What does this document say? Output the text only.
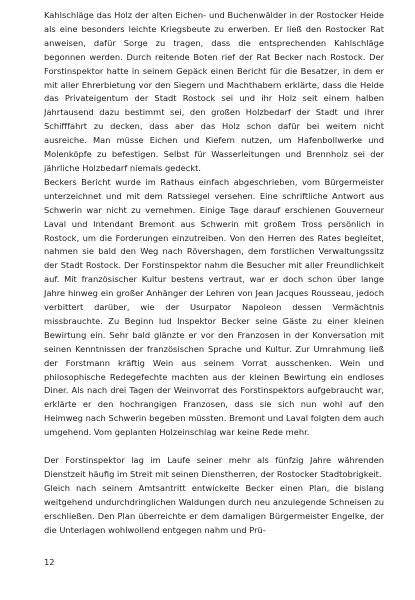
Kahlschläge das Holz der alten Eichen- und Buchenwälder in der Rostocker Heide als eine besonders leichte Kriegsbeute zu erwerben. Er ließ den Rostocker Rat anweisen, dafür Sorge zu tragen, dass die entsprechenden Kahlschläge begonnen werden. Durch reitende Boten rief der Rat Becker nach Rostock. Der Forstinspektor hatte in seinem Gepäck einen Bericht für die Besatzer, in dem er mit aller Ehrerbietung vor den Siegern und Machthabern erklärte, dass die Heide das Privateigentum der Stadt Rostock sei und ihr Holz seit einem halben Jahrtausend dazu bestimmt sei, den großen Holzbedarf der Stadt und ihrer Schifffahrt zu decken, dass aber das Holz schon dafür bei weitem nicht ausreiche. Man müsse Eichen und Kiefern nutzen, um Hafenbollwerke und Molenköpfe zu befestigen. Selbst für Wasserleitungen und Brennholz sei der jährliche Holzbedarf niemals gedeckt.

Beckers Bericht wurde im Rathaus einfach abgeschrieben, vom Bürgermeister unterzeichnet und mit dem Ratssiegel versehen. Eine schriftliche Antwort aus Schwerin war nicht zu vernehmen. Einige Tage darauf erschienen Gouverneur Laval und Intendant Bremont aus Schwerin mit großem Tross persönlich in Rostock, um die Forderungen einzutreiben. Von den Herren des Rates begleitet, nahmen sie bald den Weg nach Rövershagen, dem forstlichen Verwaltungssitz der Stadt Rostock. Der Forstinspektor nahm die Besucher mit aller Freundlichkeit auf. Mit französischer Kultur bestens vertraut, war er doch schon über lange Jahre hinweg ein großer Anhänger der Lehren von Jean Jacques Rousseau, jedoch verbittert darüber, wie der Usurpator Napoleon dessen Vermächtnis missbrauchte. Zu Beginn lud Inspektor Becker seine Gäste zu einer kleinen Bewirtung ein. Sehr bald glänzte er vor den Franzosen in der Konversation mit seinen Kenntnissen der französischen Sprache und Kultur. Zur Umrahmung ließ der Forstmann kräftig Wein aus seinem Vorrat ausschenken. Wein und philosophische Redegefechte machten aus der kleinen Bewirtung ein endloses Diner. Als nach drei Tagen der Weinvorrat des Forstinspektors aufgebraucht war, erklärte er den hochrangigen Franzosen, dass sie sich nun wohl auf den Heimweg nach Schwerin begeben müssten. Bremont und Laval folgten dem auch umgehend. Vom geplanten Holzeinschlag war keine Rede mehr.

Der Forstinspektor lag im Laufe seiner mehr als fünfzig Jahre währenden Dienstzeit häufig im Streit mit seinen Dienstherren, der Rostocker Stadtobrigkeit.

Gleich nach seinem Amtsantritt entwickelte Becker einen Plan, die bislang weitgehend undurchdringlichen Waldungen durch neu anzulegende Schneisen zu erschließen. Den Plan überreichte er dem damaligen Bürgermeister Engelke, der die Unterlagen wohlwollend entgegen nahm und Prü-

12
